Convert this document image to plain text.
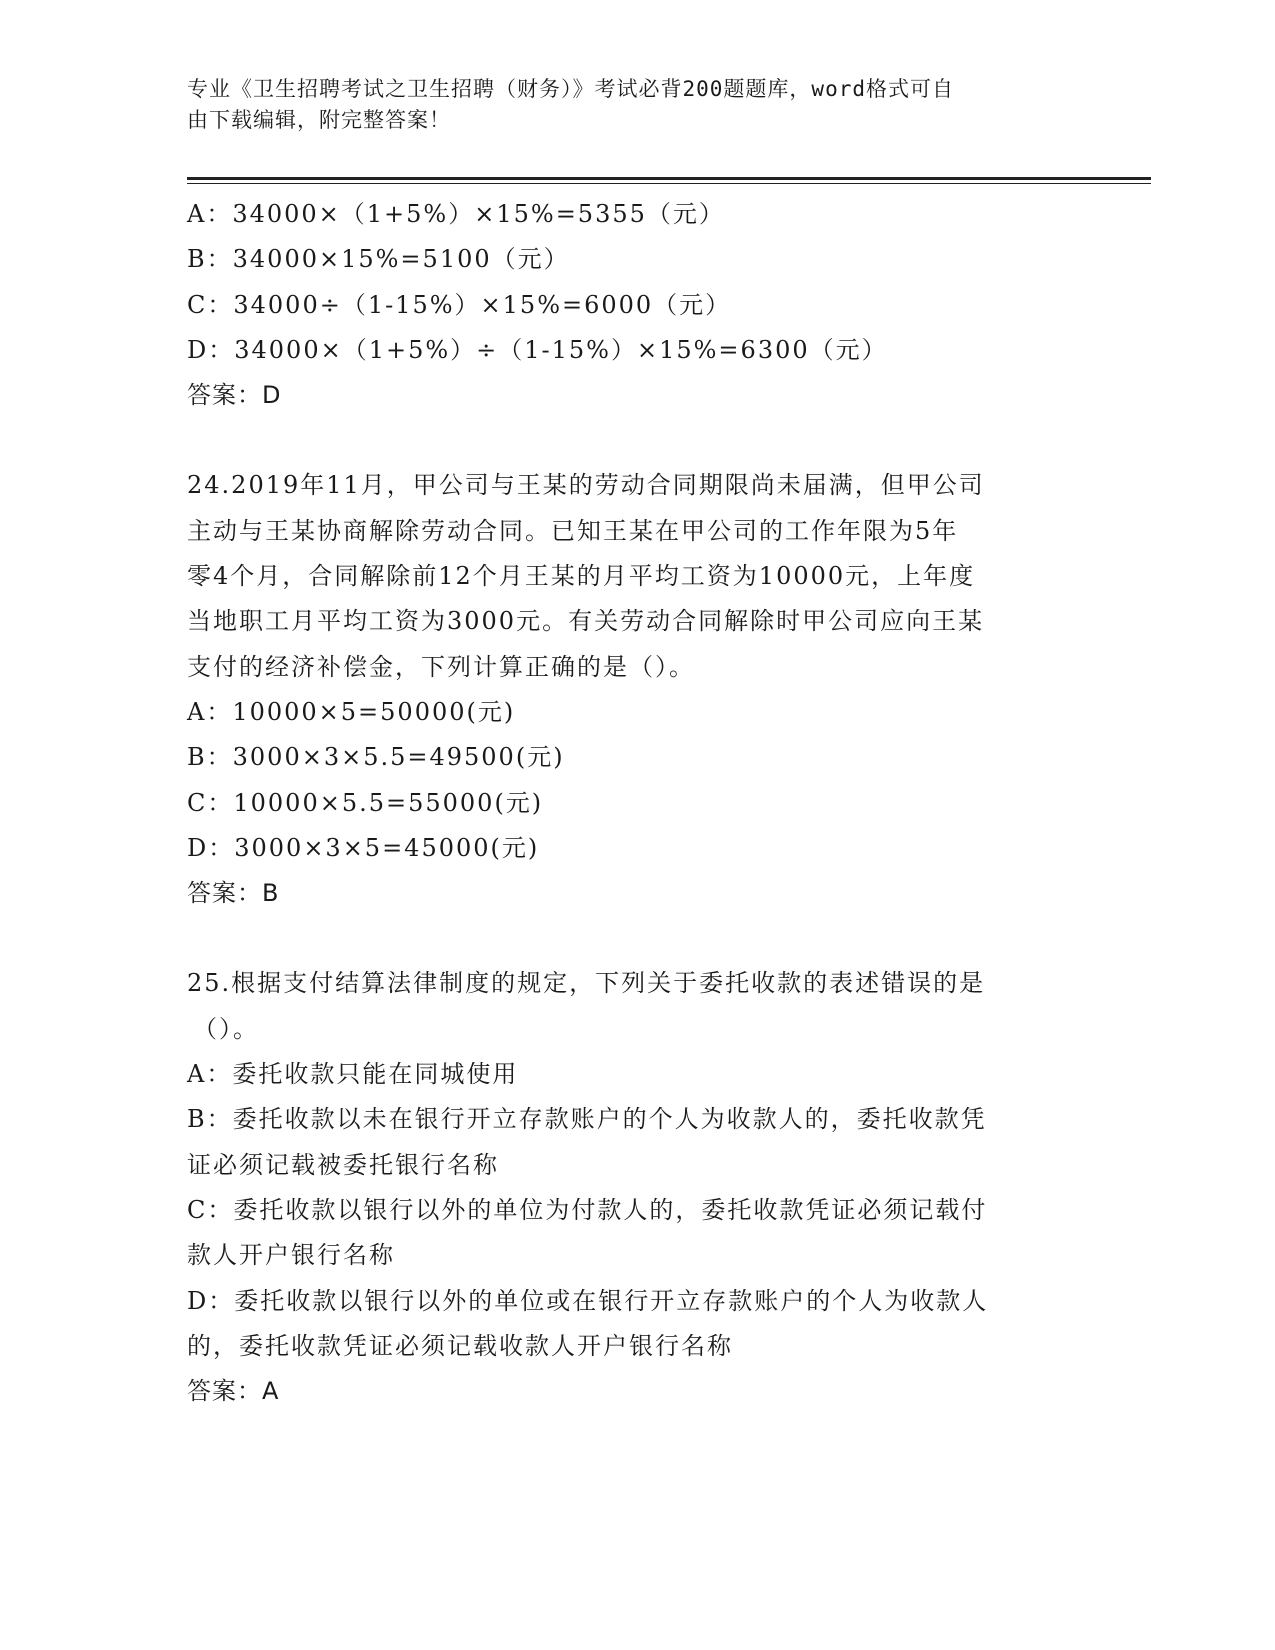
专业《卫生招聘考试之卫生招聘（财务）》考试必背200题题库，word格式可自
由下载编辑，附完整答案！

A：34000×（1+5%）×15%=5355（元）

B：34000×15%=5100（元）

C：34000÷（1-15%）×15%=6000（元）

D：34000×（1+5%）÷（1-15%）×15%=6300（元）

答案：D

24.2019年11月，甲公司与王某的劳动合同期限尚未届满，但甲公司

主动与王某协商解除劳动合同。已知王某在甲公司的工作年限为5年

零4个月，合同解除前12个月王某的月平均工资为10000元，上年度

当地职工月平均工资为3000元。有关劳动合同解除时甲公司应向王某

支付的经济补偿金，下列计算正确的是（）。

A：10000×5=50000(元)

B：3000×3×5.5=49500(元)

C：10000×5.5=55000(元)

D：3000×3×5=45000(元)

答案：B

25.根据支付结算法律制度的规定，下列关于委托收款的表述错误的是

（）。

A：委托收款只能在同城使用

B：委托收款以未在银行开立存款账户的个人为收款人的，委托收款凭

证必须记载被委托银行名称

C：委托收款以银行以外的单位为付款人的，委托收款凭证必须记载付

款人开户银行名称

D：委托收款以银行以外的单位或在银行开立存款账户的个人为收款人

的，委托收款凭证必须记载收款人开户银行名称

答案：A
